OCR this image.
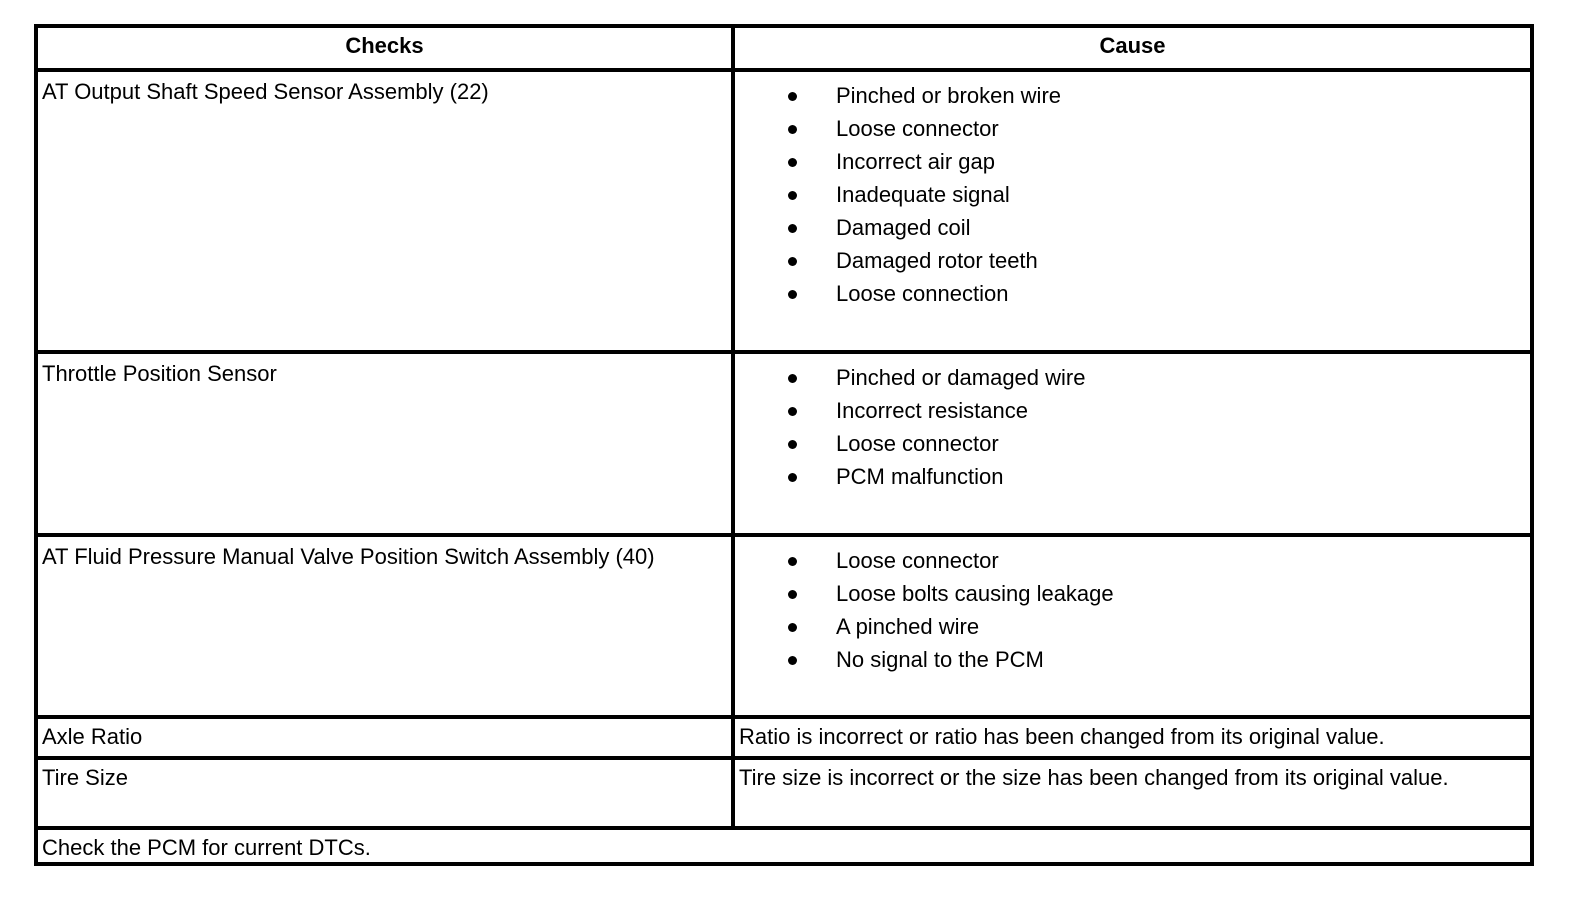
Checks	Cause
AT Output Shaft Speed Sensor Assembly (22)	Pinched or broken wire
Loose connector
Incorrect air gap
Inadequate signal
Damaged coil
Damaged rotor teeth
Loose connection
Throttle Position Sensor	Pinched or damaged wire
Incorrect resistance
Loose connector
PCM malfunction
AT Fluid Pressure Manual Valve Position Switch Assembly (40)	Loose connector
Loose bolts causing leakage
A pinched wire
No signal to the PCM
Axle Ratio	Ratio is incorrect or ratio has been changed from its original value.
Tire Size	Tire size is incorrect or the size has been changed from its original value.
Check the PCM for current DTCs.
